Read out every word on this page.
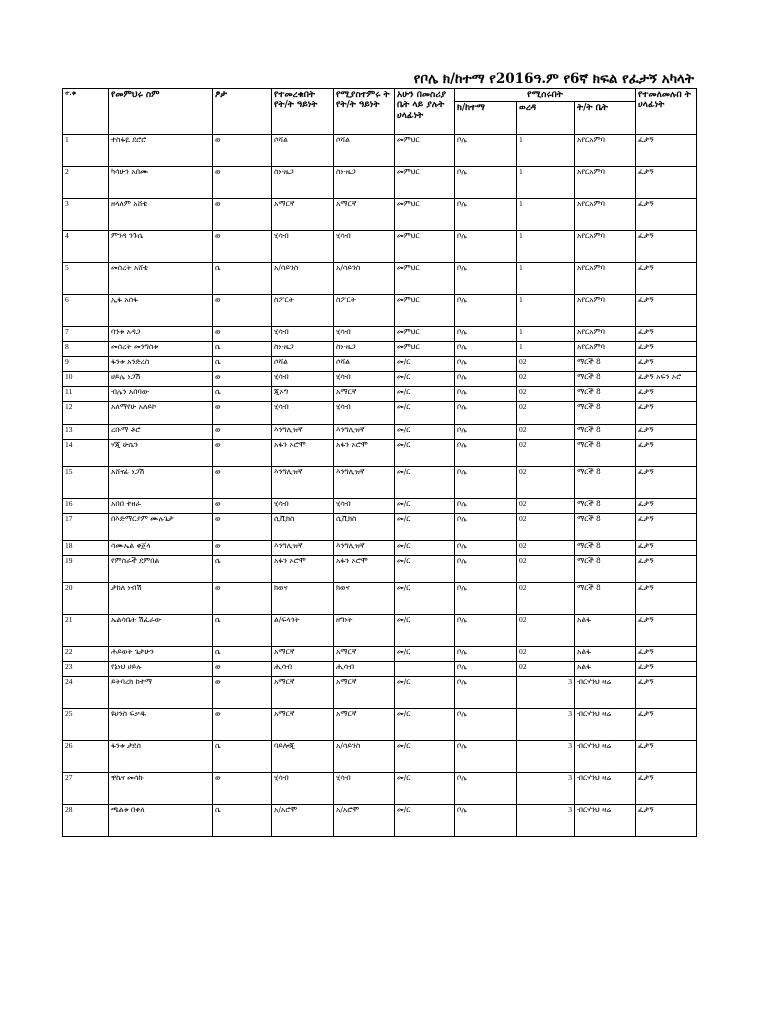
የቦሌ ክ/ከተማ የ2016ዓ.ም የ6ኛ ክፍል የፈታኝ አካላት
ተ.ቁ	የመምህሩ ስም	ፆታ	የተመረቁበት የት/ት ዓይነት	የሚያስተምሩ ት የት/ት ዓይነት	አሁን በመስሪያ ቤት ላይ ያሉት ሀላፊነት	የሚሰሩበት			የተመለመሉበ ት ሀላፊነት
						ክ/ከተማ	ወረዳ	ት/ት ቤት	
1	ተስፋዬ ደሮሮ	ወ	ሶሻል	ሶሻል	መምህር	ቦሌ	1	አየርአምባ	ፈታኝ
2	ካሳሁን አበሙ	ወ	ስነ-ዜጋ	ስነ-ዜጋ	መምህር	ቦሌ	1	አየርአምባ	ፈታኝ
3	ዘላለም አሸቴ	ወ	አማርኛ	አማርኛ	መምህር	ቦሌ	1	አየርአምባ	ፈታኝ
4	ምንዳ ንጉሴ	ወ	ሂሳብ	ሂሳብ	መምህር	ቦሌ	1	አየርአምባ	ፈታኝ
5	መሰረት አሸቴ	ሴ	አ/ሳይንስ	አ/ሳይንስ	መምህር	ቦሌ	1	አየርአምባ	ፈታኝ
6	ኢፋ አሰፋ	ወ	ስፖርት	ስፖርት	መምህር	ቦሌ	1	አየርአምባ	ፈታኝ
7	ባንቱ አዳጋ	ወ	ሂሳብ	ሂሳብ	መምህር	ቦሌ	1	አየርአምባ	ፈታኝ
8	መሰረት መንግስቱ	ሴ	ስነ-ዜጋ	ስነ-ዜጋ	መምህር	ቦሌ	1	አየርአምባ	ፈታኝ
9	ፋንቱ አንድረስ	ሴ	ሶሻል	ሶሻል	መ/ር	ቦሌ	02	ማርች 8	ፈታኝ
10	ሀይሌ ነጋሽ	ወ	ሂሳብ	ሂሳብ	መ/ር	ቦሌ	02	ማርች 8	ፈታኝ አፍን ኦሮ
11	ብሌን አበባው	ሴ	ጂኦግ	አማርኛ	መ/ር	ቦሌ	02	ማርች 8	ፈታኝ
12	አለማየሁ አለይኮ	ወ	ሂሳብ	ሂሳብ	መ/ር	ቦሌ	02	ማርች 8	ፈታኝ
13	ረቡማ ቶሮ	ወ	እንግሊዝኛ	እንግሊዝኛ	መ/ር	ቦሌ	02	ማርች 8	ፈታኝ
14	ሃጂ ሁሴን	ወ	አፋን ኦሮሞ	አፋን ኦሮሞ	መ/ር	ቦሌ	02	ማርች 8	ፈታኝ
15	አሸናፊ ነጋሽ	ወ	እንግሊዝኛ	እንግሊዝኛ	መ/ር	ቦሌ	02	ማርች 8	ፈታኝ
16	አበበ ተዘራ	ወ	ሂሳብ	ሂሳብ	መ/ር	ቦሌ	02	ማርች 8	ፈታኝ
17	በእድማርያም ሙሉጌታ	ወ	ሲቪክስ	ሲቪክስ	መ/ር	ቦሌ	02	ማርች 8	ፈታኝ
18	ሳሙኤል ቀጄላ	ወ	እንግሊዝኛ	እንግሊዝኛ	መ/ር	ቦሌ	02	ማርች 8	ፈታኝ
19	የምስራች ደምበል	ሴ	አፋን ኦሮሞ	አፋን ኦሮሞ	መ/ር	ቦሌ	02	ማርች 8	ፈታኝ
20	ታከለ ነብሽ	ወ	ክወና	ክወና	መ/ር	ቦሌ	02	ማርች 8	ፈታኝ
21	ኤልሳቤት ሽፈራው	ሴ	ል/ፍላጎት	ዘግነት	መ/ር	ቦሌ	02	አልፋ	ፈታኝ
22	ሕይወት ጌታሁን	ሴ	አማርኛ	አማርኛ	መ/ር	ቦሌ	02	አልፋ	ፈታኝ
23	የኔነህ ሀይሉ	ወ	ሒሳብ	ሒሳብ		ቦሌ	02	አልፋ	ፈታኝ
24	ይትባረክ ከተማ	ወ	አማርኛ	አማርኛ	መ/ር	ቦሌ	3	ብርሃንህ ዛሬ	ፈታኝ
25	ዩሀንስ ፍቃዱ	ወ	አማርኛ	አማርኛ	መ/ር	ቦሌ	3	ብርሃንህ ዛሬ	ፈታኝ
26	ፋንቱ ታደሰ	ሴ	ባይሎጂ	አ/ሳይንስ	መ/ር	ቦሌ	3	ብርሃንህ ዛሬ	ፈታኝ
27	ዋኬና መሳኩ	ወ	ሂሳብ	ሂሳብ	መ/ር	ቦሌ	3	ብርሃንህ ዛሬ	ፈታኝ
28	ጫልቱ በቀለ	ሴ	አ/አሮሞ	አ/አሮሞ	መ/ር	ቦሌ	3	ብርሃንህ ዛሬ	ፈታኝ
